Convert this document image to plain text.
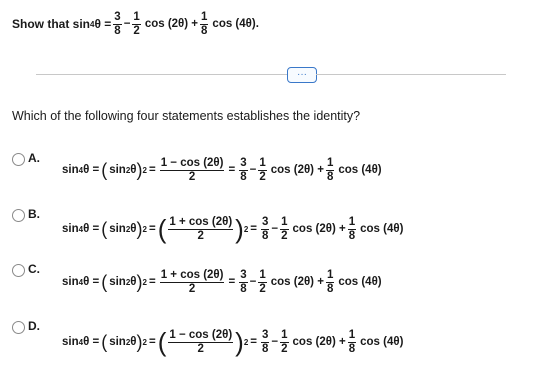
Show that sin 4 $\theta = \frac{3}{8} - \frac{1}{2}$ $\cos (2\theta) + \frac{1}{8}$ cos (4θ).
···
Which of the following four statements establishes the identity?
A.
sin 4 θ = ( sin 2 θ ) $2 = \frac{1 - \cos (2\theta)}{2} = \frac{3}{8} - \frac{1}{2}$ $\cos (2\theta) + \frac{1}{8}$ cos (4θ)
B.
sin 4 θ = ( sin 2 θ ) 2 = ( $\frac{1 + \cos (2\theta)}{2}$ ) $2 = \frac{3}{8} - \frac{1}{2}$ $\cos (2\theta) + \frac{1}{8}$ cos (4θ)
C.
sin 4 θ = ( sin 2 θ ) $2 = \frac{1 + \cos (2\theta)}{2} = \frac{3}{8} - \frac{1}{2}$ $\cos (2\theta) + \frac{1}{8}$ cos (4θ)
D.
sin 4 θ = ( sin 2 θ ) 2 = ( $\frac{1 - \cos (2\theta)}{2}$ ) $2 = \frac{3}{8} - \frac{1}{2}$ $\cos (2\theta) + \frac{1}{8}$ cos (4θ)
